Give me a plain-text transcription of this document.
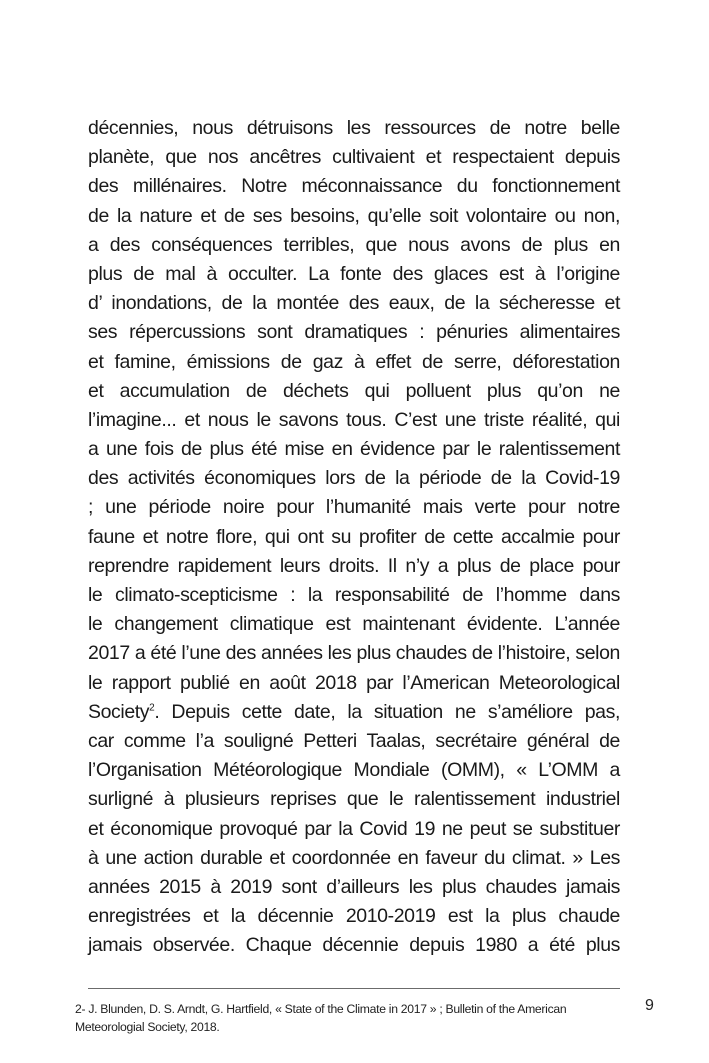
décennies, nous détruisons les ressources de notre belle
planète, que nos ancêtres cultivaient et respectaient depuis
des millénaires. Notre méconnaissance du fonctionnement
de la nature et de ses besoins, qu’elle soit volontaire ou non,
a des conséquences terribles, que nous avons de plus en
plus de mal à occulter. La fonte des glaces est à l’origine
d’ inondations, de la montée des eaux, de la sécheresse et
ses répercussions sont dramatiques : pénuries alimentaires
et famine, émissions de gaz à effet de serre, déforestation
et accumulation de déchets qui polluent plus qu’on ne
l’imagine... et nous le savons tous. C’est une triste réalité, qui
a une fois de plus été mise en évidence par le ralentissement
des activités économiques lors de la période de la Covid-19
; une période noire pour l’humanité mais verte pour notre
faune et notre flore, qui ont su profiter de cette accalmie pour
reprendre rapidement leurs droits. Il n’y a plus de place pour
le climato-scepticisme : la responsabilité de l’homme dans
le changement climatique est maintenant évidente. L’année
2017 a été l’une des années les plus chaudes de l’histoire, selon
le rapport publié en août 2018 par l’American Meteorological
Society$^2$. Depuis cette date, la situation ne s’améliore pas,
car comme l’a souligné Petteri Taalas, secrétaire général de
l’Organisation Météorologique Mondiale (OMM), « L’OMM a
surligné à plusieurs reprises que le ralentissement industriel
et économique provoqué par la Covid 19 ne peut se substituer
à une action durable et coordonnée en faveur du climat. » Les
années 2015 à 2019 sont d’ailleurs les plus chaudes jamais
enregistrées et la décennie 2010-2019 est la plus chaude
jamais observée. Chaque décennie depuis 1980 a été plus
2- J. Blunden, D. S. Arndt, G. Hartfield, « State of the Climate in 2017 » ; Bulletin of the American
Meteorologial Society, 2018.
9
